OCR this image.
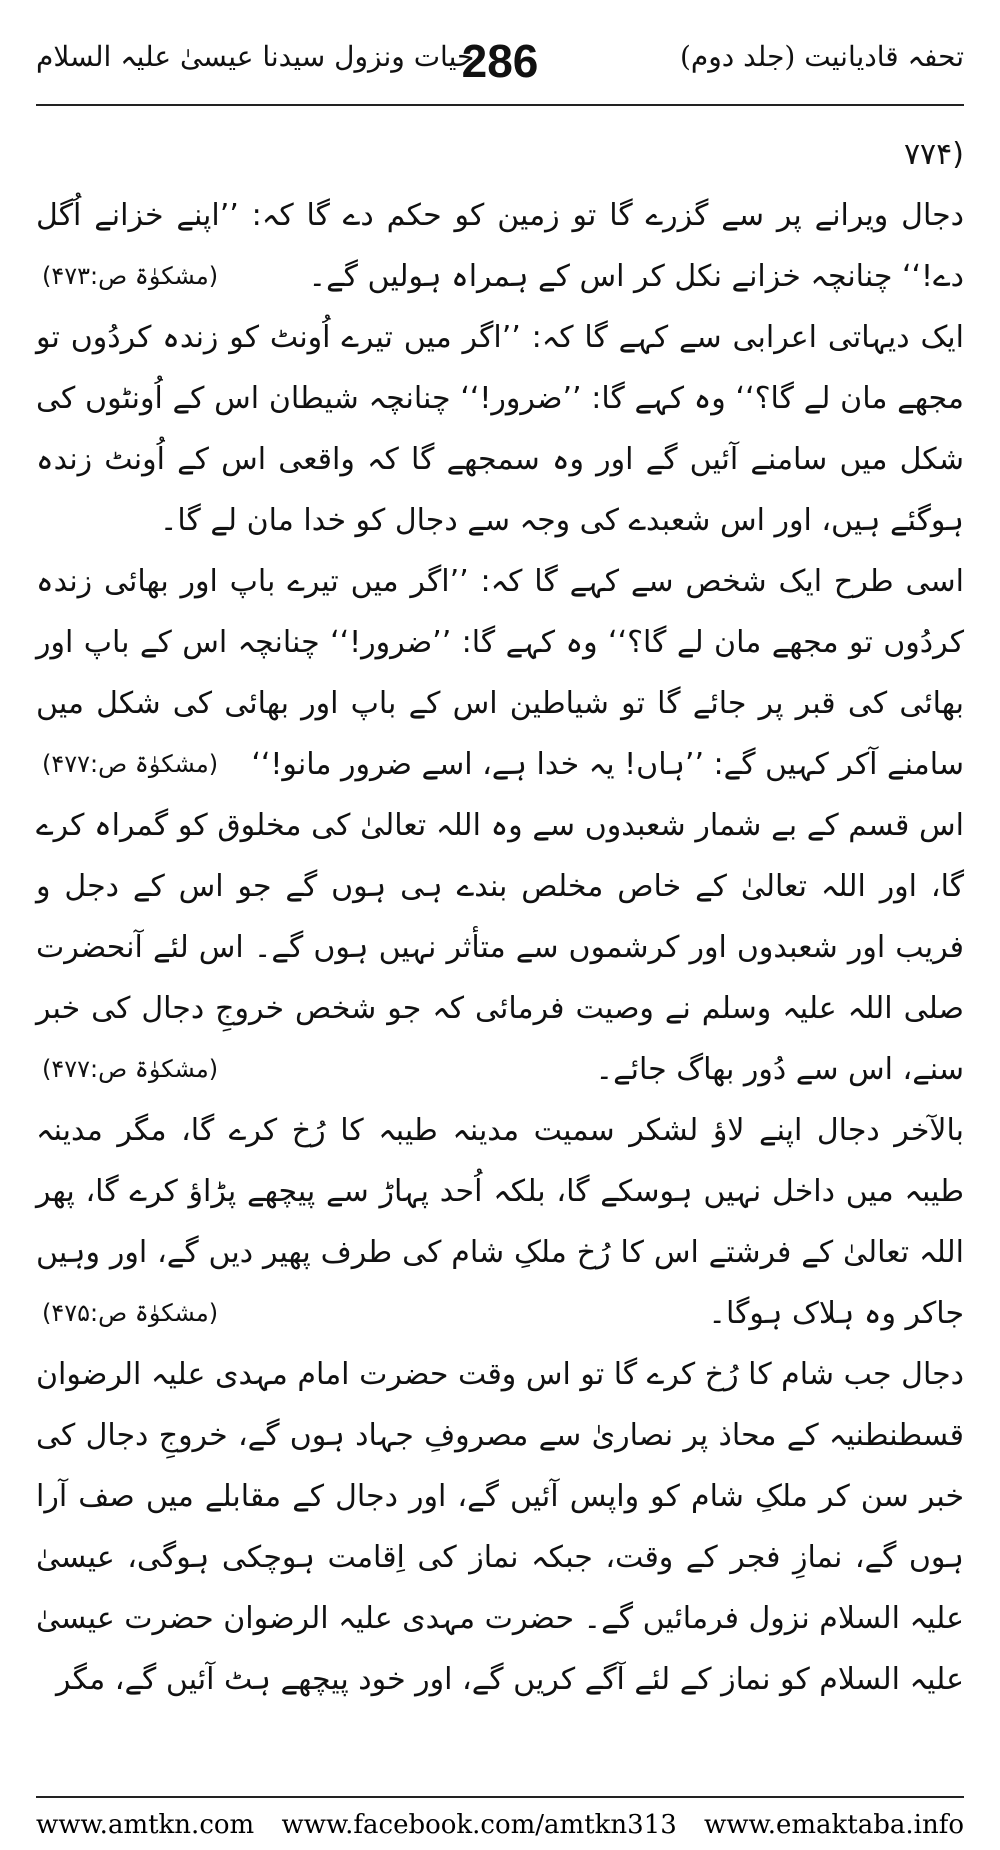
تحفہ قادیانیت (جلد دوم)
286
حیات ونزول سیدنا عیسیٰ علیہ السلام

(۷۷۴

دجال ویرانے پر سے گزرے گا تو زمین کو حکم دے گا کہ: ’’اپنے خزانے اُگل دے!‘‘ چنانچہ خزانے نکل کر اس کے ہمراہ ہولیں گے۔
(مشکوٰۃ ص:۴۷۳)

ایک دیہاتی اعرابی سے کہے گا کہ: ’’اگر میں تیرے اُونٹ کو زندہ کردُوں تو مجھے مان لے گا؟‘‘ وہ کہے گا: ’’ضرور!‘‘ چنانچہ شیطان اس کے اُونٹوں کی شکل میں سامنے آئیں گے اور وہ سمجھے گا کہ واقعی اس کے اُونٹ زندہ ہوگئے ہیں، اور اس شعبدے کی وجہ سے دجال کو خدا مان لے گا۔

اسی طرح ایک شخص سے کہے گا کہ: ’’اگر میں تیرے باپ اور بھائی زندہ کردُوں تو مجھے مان لے گا؟‘‘ وہ کہے گا: ’’ضرور!‘‘ چنانچہ اس کے باپ اور بھائی کی قبر پر جائے گا تو شیاطین اس کے باپ اور بھائی کی شکل میں سامنے آکر کہیں گے: ’’ہاں! یہ خدا ہے، اسے ضرور مانو!‘‘
(مشکوٰۃ ص:۴۷۷)

اس قسم کے بے شمار شعبدوں سے وہ اللہ تعالیٰ کی مخلوق کو گمراہ کرے گا، اور اللہ تعالیٰ کے خاص مخلص بندے ہی ہوں گے جو اس کے دجل و فریب اور شعبدوں اور کرشموں سے متأثر نہیں ہوں گے۔ اس لئے آنحضرت صلی اللہ علیہ وسلم نے وصیت فرمائی کہ جو شخص خروجِ دجال کی خبر سنے، اس سے دُور بھاگ جائے۔
(مشکوٰۃ ص:۴۷۷)

بالآخر دجال اپنے لاؤ لشکر سمیت مدینہ طیبہ کا رُخ کرے گا، مگر مدینہ طیبہ میں داخل نہیں ہوسکے گا، بلکہ اُحد پہاڑ سے پیچھے پڑاؤ کرے گا، پھر اللہ تعالیٰ کے فرشتے اس کا رُخ ملکِ شام کی طرف پھیر دیں گے، اور وہیں جاکر وہ ہلاک ہوگا۔
(مشکوٰۃ ص:۴۷۵)

دجال جب شام کا رُخ کرے گا تو اس وقت حضرت امام مہدی علیہ الرضوان قسطنطنیہ کے محاذ پر نصاریٰ سے مصروفِ جہاد ہوں گے، خروجِ دجال کی خبر سن کر ملکِ شام کو واپس آئیں گے، اور دجال کے مقابلے میں صف آرا ہوں گے، نمازِ فجر کے وقت، جبکہ نماز کی اِقامت ہوچکی ہوگی، عیسیٰ علیہ السلام نزول فرمائیں گے۔ حضرت مہدی علیہ الرضوان حضرت عیسیٰ علیہ السلام کو نماز کے لئے آگے کریں گے، اور خود پیچھے ہٹ آئیں گے، مگر

www.amtkn.com www.facebook.com/amtkn313 www.emaktaba.info
